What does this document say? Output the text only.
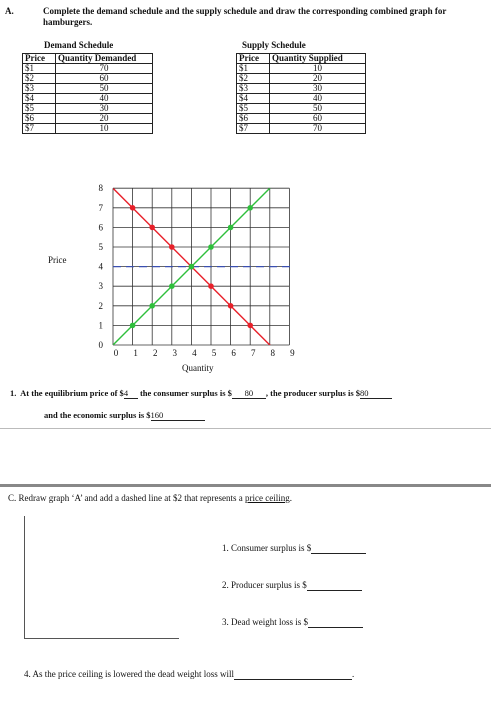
A.	Complete the demand schedule and the supply schedule and draw the corresponding combined graph for
hamburgers.
Demand Schedule
Price	Quantity Demanded
$1	70
$2	60
$3	50
$4	40
$5	30
$6	20
$7	10
Supply Schedule
Price	Quantity Supplied
$1	10
$2	20
$3	30
$4	40
$5	50
$6	60
$7	70
Price
0
1
2
3
4
5
6
7
8
0 1 2 3 4 5 6 7 8 9
Quantity
1. At the equilibrium price of $4 the consumer surplus is $ 80 , the producer surplus is $80
and the economic surplus is $160
C. Redraw graph ‘A’ and add a dashed line at $2 that represents a price ceiling.
1. Consumer surplus is $
2. Producer surplus is $
3. Dead weight loss is $
4. As the price ceiling is lowered the dead weight loss will	.
